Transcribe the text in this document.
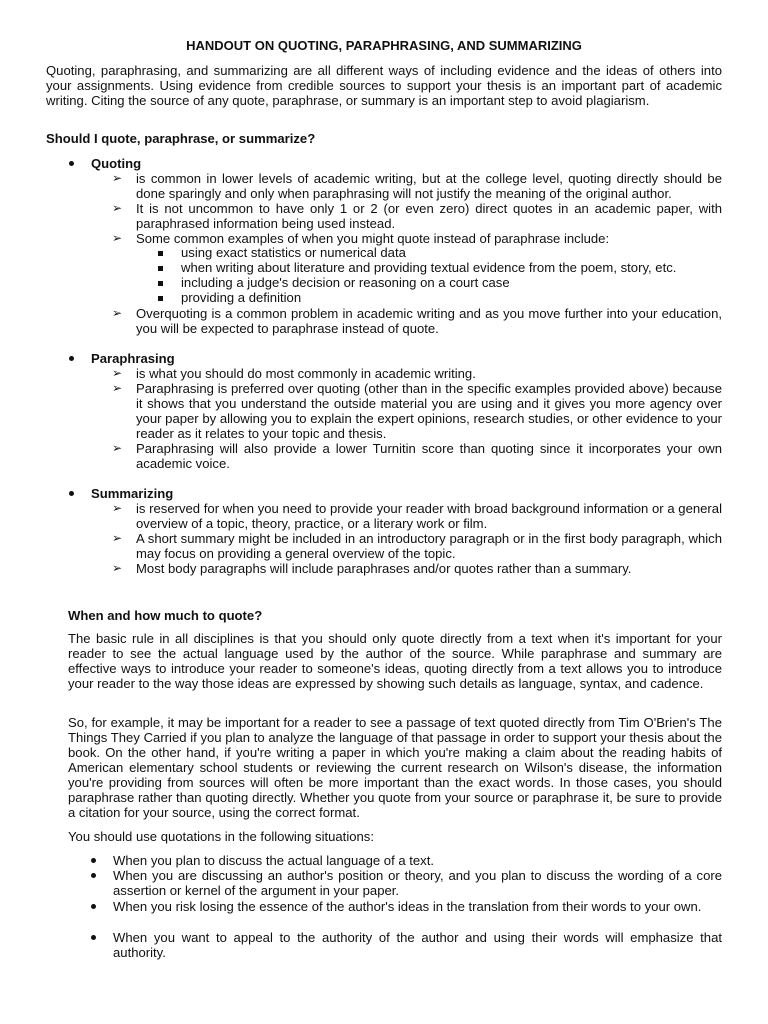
HANDOUT ON QUOTING, PARAPHRASING, AND SUMMARIZING
Quoting, paraphrasing, and summarizing are all different ways of including evidence and the ideas of others into your assignments. Using evidence from credible sources to support your thesis is an important part of academic writing. Citing the source of any quote, paraphrase, or summary is an important step to avoid plagiarism.
Should I quote, paraphrase, or summarize?
Quoting
➢ is common in lower levels of academic writing, but at the college level, quoting directly should be done sparingly and only when paraphrasing will not justify the meaning of the original author.
➢ It is not uncommon to have only 1 or 2 (or even zero) direct quotes in an academic paper, with paraphrased information being used instead.
➢ Some common examples of when you might quote instead of paraphrase include:
using exact statistics or numerical data
when writing about literature and providing textual evidence from the poem, story, etc.
including a judge's decision or reasoning on a court case
providing a definition
➢ Overquoting is a common problem in academic writing and as you move further into your education, you will be expected to paraphrase instead of quote.
Paraphrasing
➢ is what you should do most commonly in academic writing.
➢ Paraphrasing is preferred over quoting (other than in the specific examples provided above) because it shows that you understand the outside material you are using and it gives you more agency over your paper by allowing you to explain the expert opinions, research studies, or other evidence to your reader as it relates to your topic and thesis.
➢ Paraphrasing will also provide a lower Turnitin score than quoting since it incorporates your own academic voice.
Summarizing
➢ is reserved for when you need to provide your reader with broad background information or a general overview of a topic, theory, practice, or a literary work or film.
➢ A short summary might be included in an introductory paragraph or in the first body paragraph, which may focus on providing a general overview of the topic.
➢ Most body paragraphs will include paraphrases and/or quotes rather than a summary.
When and how much to quote?
The basic rule in all disciplines is that you should only quote directly from a text when it's important for your reader to see the actual language used by the author of the source. While paraphrase and summary are effective ways to introduce your reader to someone's ideas, quoting directly from a text allows you to introduce your reader to the way those ideas are expressed by showing such details as language, syntax, and cadence.
So, for example, it may be important for a reader to see a passage of text quoted directly from Tim O'Brien's The Things They Carried if you plan to analyze the language of that passage in order to support your thesis about the book. On the other hand, if you're writing a paper in which you're making a claim about the reading habits of American elementary school students or reviewing the current research on Wilson's disease, the information you're providing from sources will often be more important than the exact words. In those cases, you should paraphrase rather than quoting directly. Whether you quote from your source or paraphrase it, be sure to provide a citation for your source, using the correct format.
You should use quotations in the following situations:
When you plan to discuss the actual language of a text.
When you are discussing an author's position or theory, and you plan to discuss the wording of a core assertion or kernel of the argument in your paper.
When you risk losing the essence of the author's ideas in the translation from their words to your own.
When you want to appeal to the authority of the author and using their words will emphasize that authority.
